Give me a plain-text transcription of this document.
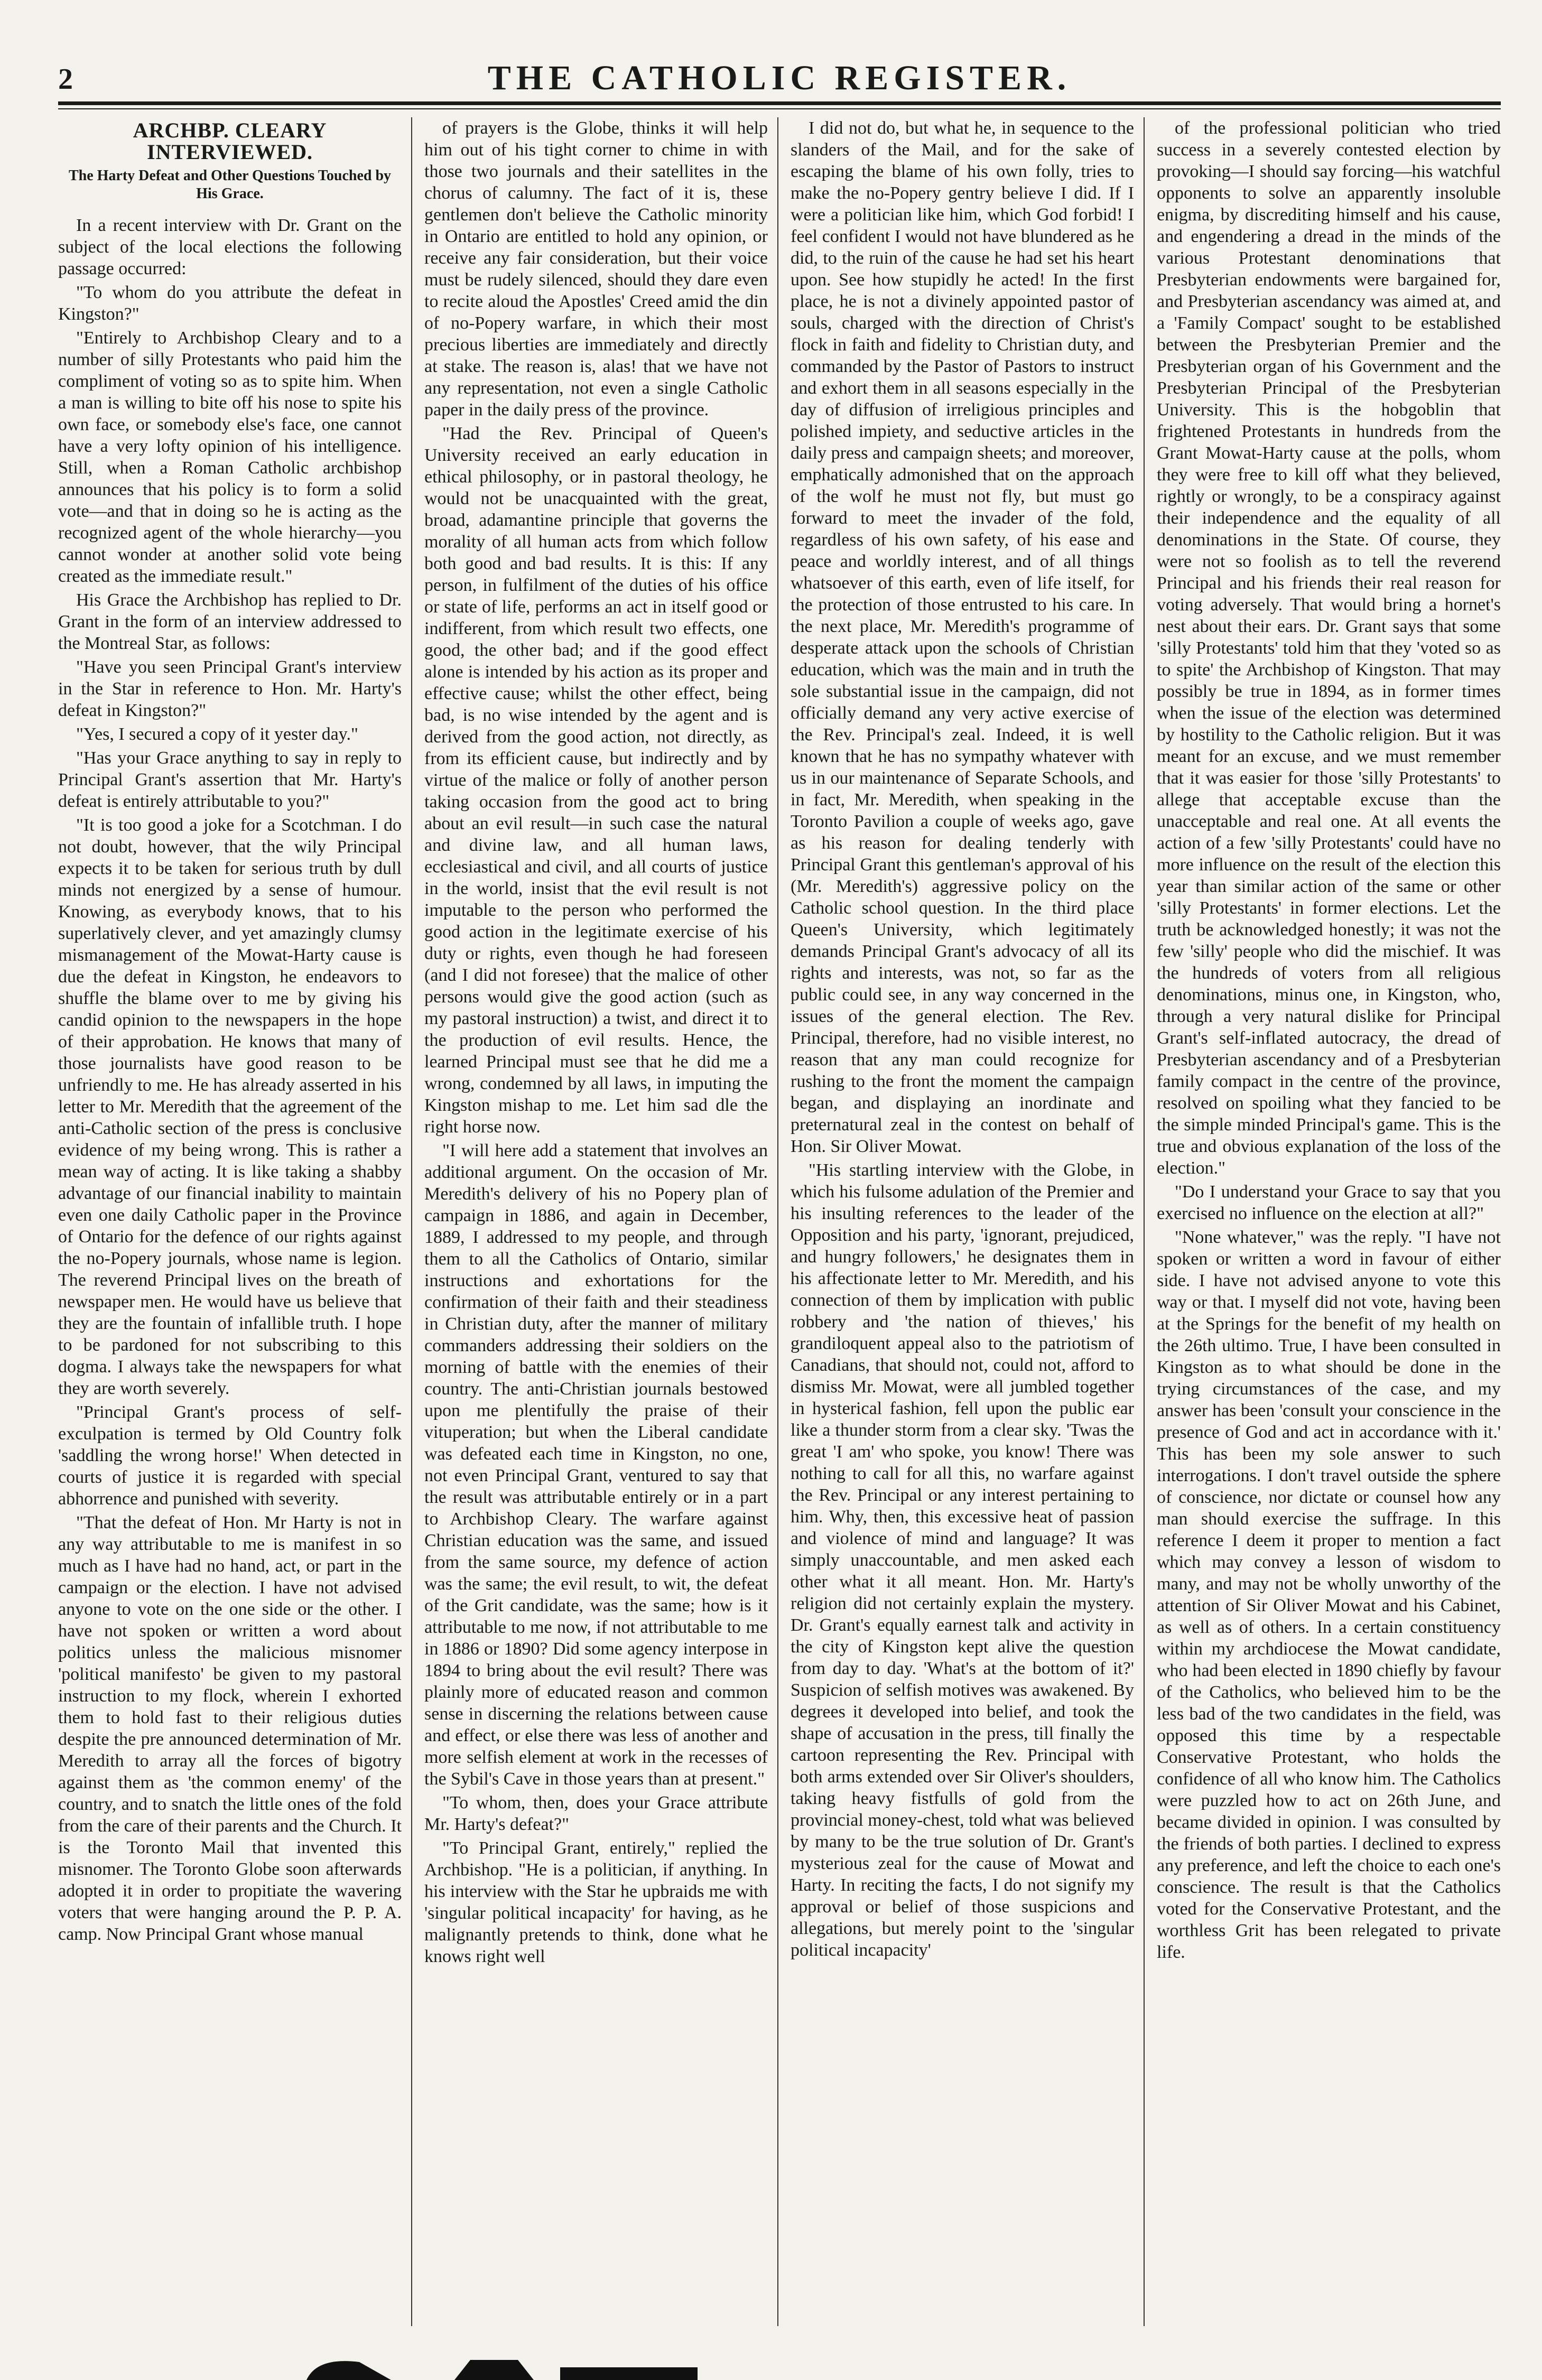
2	THE CATHOLIC REGISTER.
ARCHBP. CLEARY INTERVIEWED.
The Harty Defeat and Other Questions Touched by His Grace.

In a recent interview with Dr. Grant on the subject of the local elections the following passage occurred:

"To whom do you attribute the defeat in Kingston?"

"Entirely to Archbishop Cleary and to a number of silly Protestants who paid him the compliment of voting so as to spite him. When a man is willing to bite off his nose to spite his own face, or somebody else's face, one cannot have a very lofty opinion of his intelligence. Still, when a Roman Catholic archbishop announces that his policy is to form a solid vote—and that in doing so he is acting as the recognized agent of the whole hierarchy—you cannot wonder at another solid vote being created as the immediate result."

His Grace the Archbishop has replied to Dr. Grant in the form of an interview addressed to the Montreal Star, as follows:

"Have you seen Principal Grant's interview in the Star in reference to Hon. Mr. Harty's defeat in Kingston?"

"Yes, I secured a copy of it yester day."

"Has your Grace anything to say in reply to Principal Grant's assertion that Mr. Harty's defeat is entirely attributable to you?"

"It is too good a joke for a Scotchman. I do not doubt, however, that the wily Principal expects it to be taken for serious truth by dull minds not energized by a sense of humour. Knowing, as everybody knows, that to his superlatively clever, and yet amazingly clumsy mismanagement of the Mowat-Harty cause is due the defeat in Kingston, he endeavors to shuffle the blame over to me by giving his candid opinion to the newspapers in the hope of their approbation. He knows that many of those journalists have good reason to be unfriendly to me. He has already asserted in his letter to Mr. Meredith that the agreement of the anti-Catholic section of the press is conclusive evidence of my being wrong. This is rather a mean way of acting. It is like taking a shabby advantage of our financial inability to maintain even one daily Catholic paper in the Province of Ontario for the defence of our rights against the no-Popery journals, whose name is legion. The reverend Principal lives on the breath of newspaper men. He would have us believe that they are the fountain of infallible truth. I hope to be pardoned for not subscribing to this dogma. I always take the newspapers for what they are worth severely.

"Principal Grant's process of self-exculpation is termed by Old Country folk 'saddling the wrong horse!' When detected in courts of justice it is regarded with special abhorrence and punished with severity.

"That the defeat of Hon. Mr Harty is not in any way attributable to me is manifest in so much as I have had no hand, act, or part in the campaign or the election. I have not advised anyone to vote on the one side or the other. I have not spoken or written a word about politics unless the malicious misnomer 'political manifesto' be given to my pastoral instruction to my flock, wherein I exhorted them to hold fast to their religious duties despite the pre announced determination of Mr. Meredith to array all the forces of bigotry against them as 'the common enemy' of the country, and to snatch the little ones of the fold from the care of their parents and the Church. It is the Toronto Mail that invented this misnomer. The Toronto Globe soon afterwards adopted it in order to propitiate the wavering voters that were hanging around the P. P. A. camp. Now Principal Grant whose manual

of prayers is the Globe, thinks it will help him out of his tight corner to chime in with those two journals and their satellites in the chorus of calumny. The fact of it is, these gentlemen don't believe the Catholic minority in Ontario are entitled to hold any opinion, or receive any fair consideration, but their voice must be rudely silenced, should they dare even to recite aloud the Apostles' Creed amid the din of no-Popery warfare, in which their most precious liberties are immediately and directly at stake. The reason is, alas! that we have not any representation, not even a single Catholic paper in the daily press of the province.

"Had the Rev. Principal of Queen's University received an early education in ethical philosophy, or in pastoral theology, he would not be unacquainted with the great, broad, adamantine principle that governs the morality of all human acts from which follow both good and bad results. It is this: If any person, in fulfilment of the duties of his office or state of life, performs an act in itself good or indifferent, from which result two effects, one good, the other bad; and if the good effect alone is intended by his action as its proper and effective cause; whilst the other effect, being bad, is no wise intended by the agent and is derived from the good action, not directly, as from its efficient cause, but indirectly and by virtue of the malice or folly of another person taking occasion from the good act to bring about an evil result—in such case the natural and divine law, and all human laws, ecclesiastical and civil, and all courts of justice in the world, insist that the evil result is not imputable to the person who performed the good action in the legitimate exercise of his duty or rights, even though he had foreseen (and I did not foresee) that the malice of other persons would give the good action (such as my pastoral instruction) a twist, and direct it to the production of evil results. Hence, the learned Principal must see that he did me a wrong, condemned by all laws, in imputing the Kingston mishap to me. Let him sad dle the right horse now.

"I will here add a statement that involves an additional argument. On the occasion of Mr. Meredith's delivery of his no Popery plan of campaign in 1886, and again in December, 1889, I addressed to my people, and through them to all the Catholics of Ontario, similar instructions and exhortations for the confirmation of their faith and their steadiness in Christian duty, after the manner of military commanders addressing their soldiers on the morning of battle with the enemies of their country. The anti-Christian journals bestowed upon me plentifully the praise of their vituperation; but when the Liberal candidate was defeated each time in Kingston, no one, not even Principal Grant, ventured to say that the result was attributable entirely or in a part to Archbishop Cleary. The warfare against Christian education was the same, and issued from the same source, my defence of action was the same; the evil result, to wit, the defeat of the Grit candidate, was the same; how is it attributable to me now, if not attributable to me in 1886 or 1890? Did some agency interpose in 1894 to bring about the evil result? There was plainly more of educated reason and common sense in discerning the relations between cause and effect, or else there was less of another and more selfish element at work in the recesses of the Sybil's Cave in those years than at present."

"To whom, then, does your Grace attribute Mr. Harty's defeat?"

"To Principal Grant, entirely," replied the Archbishop. "He is a politician, if anything. In his interview with the Star he upbraids me with 'singular political incapacity' for having, as he malignantly pretends to think, done what he knows right well

I did not do, but what he, in sequence to the slanders of the Mail, and for the sake of escaping the blame of his own folly, tries to make the no-Popery gentry believe I did. If I were a politician like him, which God forbid! I feel confident I would not have blundered as he did, to the ruin of the cause he had set his heart upon. See how stupidly he acted! In the first place, he is not a divinely appointed pastor of souls, charged with the direction of Christ's flock in faith and fidelity to Christian duty, and commanded by the Pastor of Pastors to instruct and exhort them in all seasons especially in the day of diffusion of irreligious principles and polished impiety, and seductive articles in the daily press and campaign sheets; and moreover, emphatically admonished that on the approach of the wolf he must not fly, but must go forward to meet the invader of the fold, regardless of his own safety, of his ease and peace and worldly interest, and of all things whatsoever of this earth, even of life itself, for the protection of those entrusted to his care. In the next place, Mr. Meredith's programme of desperate attack upon the schools of Christian education, which was the main and in truth the sole substantial issue in the campaign, did not officially demand any very active exercise of the Rev. Principal's zeal. Indeed, it is well known that he has no sympathy whatever with us in our maintenance of Separate Schools, and in fact, Mr. Meredith, when speaking in the Toronto Pavilion a couple of weeks ago, gave as his reason for dealing tenderly with Principal Grant this gentleman's approval of his (Mr. Meredith's) aggressive policy on the Catholic school question. In the third place Queen's University, which legitimately demands Principal Grant's advocacy of all its rights and interests, was not, so far as the public could see, in any way concerned in the issues of the general election. The Rev. Principal, therefore, had no visible interest, no reason that any man could recognize for rushing to the front the moment the campaign began, and displaying an inordinate and preternatural zeal in the contest on behalf of Hon. Sir Oliver Mowat.

"His startling interview with the Globe, in which his fulsome adulation of the Premier and his insulting references to the leader of the Opposition and his party, 'ignorant, prejudiced, and hungry followers,' he designates them in his affectionate letter to Mr. Meredith, and his connection of them by implication with public robbery and 'the nation of thieves,' his grandiloquent appeal also to the patriotism of Canadians, that should not, could not, afford to dismiss Mr. Mowat, were all jumbled together in hysterical fashion, fell upon the public ear like a thunder storm from a clear sky. 'Twas the great 'I am' who spoke, you know! There was nothing to call for all this, no warfare against the Rev. Principal or any interest pertaining to him. Why, then, this excessive heat of passion and violence of mind and language? It was simply unaccountable, and men asked each other what it all meant. Hon. Mr. Harty's religion did not certainly explain the mystery. Dr. Grant's equally earnest talk and activity in the city of Kingston kept alive the question from day to day. 'What's at the bottom of it?' Suspicion of selfish motives was awakened. By degrees it developed into belief, and took the shape of accusation in the press, till finally the cartoon representing the Rev. Principal with both arms extended over Sir Oliver's shoulders, taking heavy fistfulls of gold from the provincial money-chest, told what was believed by many to be the true solution of Dr. Grant's mysterious zeal for the cause of Mowat and Harty. In reciting the facts, I do not signify my approval or belief of those suspicions and allegations, but merely point to the 'singular political incapacity'

of the professional politician who tried success in a severely contested election by provoking—I should say forcing—his watchful opponents to solve an apparently insoluble enigma, by discrediting himself and his cause, and engendering a dread in the minds of the various Protestant denominations that Presbyterian endowments were bargained for, and Presbyterian ascendancy was aimed at, and a 'Family Compact' sought to be established between the Presbyterian Premier and the Presbyterian organ of his Government and the Presbyterian Principal of the Presbyterian University. This is the hobgoblin that frightened Protestants in hundreds from the Grant Mowat-Harty cause at the polls, whom they were free to kill off what they believed, rightly or wrongly, to be a conspiracy against their independence and the equality of all denominations in the State. Of course, they were not so foolish as to tell the reverend Principal and his friends their real reason for voting adversely. That would bring a hornet's nest about their ears. Dr. Grant says that some 'silly Protestants' told him that they 'voted so as to spite' the Archbishop of Kingston. That may possibly be true in 1894, as in former times when the issue of the election was determined by hostility to the Catholic religion. But it was meant for an excuse, and we must remember that it was easier for those 'silly Protestants' to allege that acceptable excuse than the unacceptable and real one. At all events the action of a few 'silly Protestants' could have no more influence on the result of the election this year than similar action of the same or other 'silly Protestants' in former elections. Let the truth be acknowledged honestly; it was not the few 'silly' people who did the mischief. It was the hundreds of voters from all religious denominations, minus one, in Kingston, who, through a very natural dislike for Principal Grant's self-inflated autocracy, the dread of Presbyterian ascendancy and of a Presbyterian family compact in the centre of the province, resolved on spoiling what they fancied to be the simple minded Principal's game. This is the true and obvious explanation of the loss of the election."

"Do I understand your Grace to say that you exercised no influence on the election at all?"

"None whatever," was the reply. "I have not spoken or written a word in favour of either side. I have not advised anyone to vote this way or that. I myself did not vote, having been at the Springs for the benefit of my health on the 26th ultimo. True, I have been consulted in Kingston as to what should be done in the trying circumstances of the case, and my answer has been 'consult your conscience in the presence of God and act in accordance with it.' This has been my sole answer to such interrogations. I don't travel outside the sphere of conscience, nor dictate or counsel how any man should exercise the suffrage. In this reference I deem it proper to mention a fact which may convey a lesson of wisdom to many, and may not be wholly unworthy of the attention of Sir Oliver Mowat and his Cabinet, as well as of others. In a certain constituency within my archdiocese the Mowat candidate, who had been elected in 1890 chiefly by favour of the Catholics, who believed him to be the less bad of the two candidates in the field, was opposed this time by a respectable Conservative Protestant, who holds the confidence of all who know him. The Catholics were puzzled how to act on 26th June, and became divided in opinion. I was consulted by the friends of both parties. I declined to express any preference, and left the choice to each one's conscience. The result is that the Catholics voted for the Conservative Protestant, and the worthless Grit has been relegated to private life.
